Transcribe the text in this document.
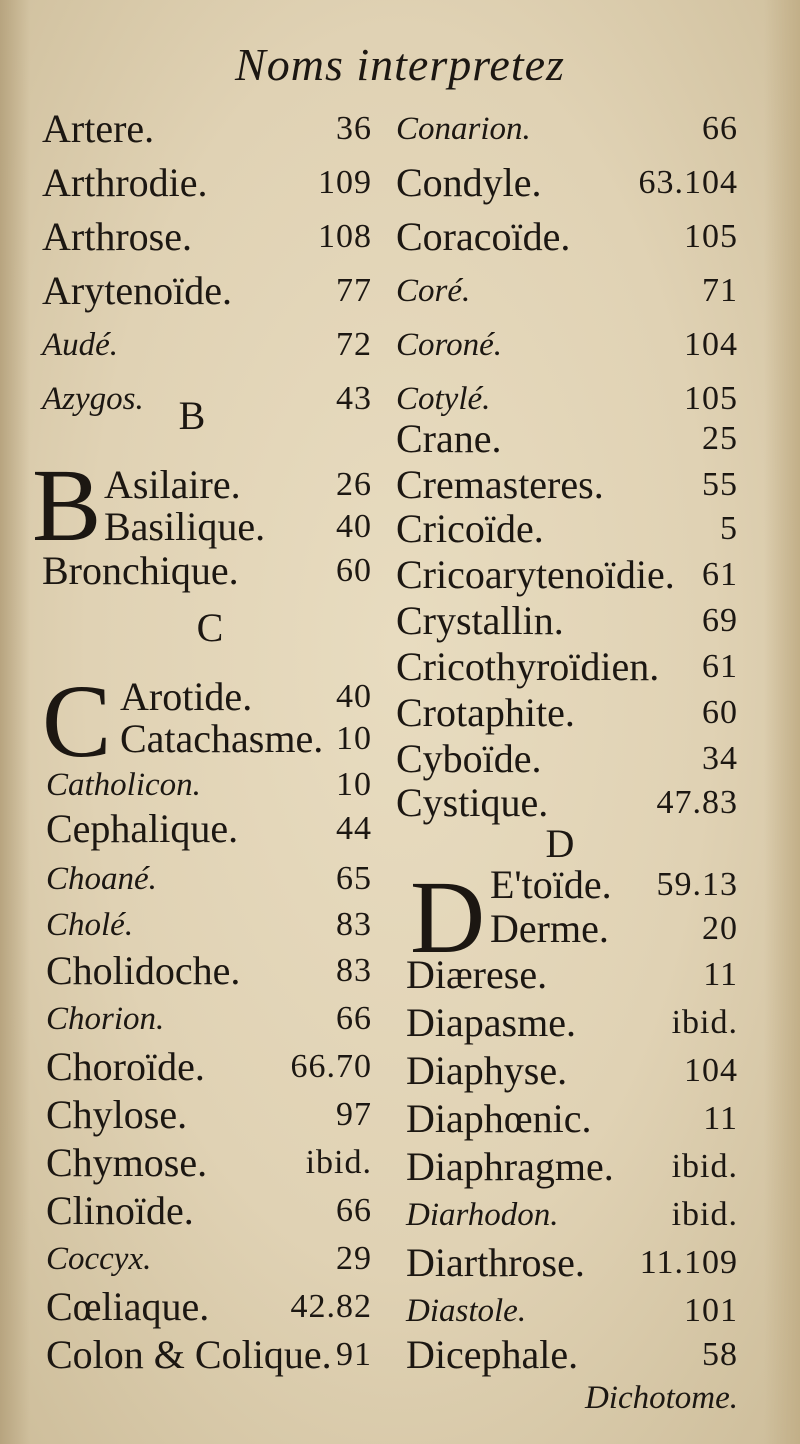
Noms interpretez
Artere.	36
Arthrodie.	109
Arthrose.	108
Arytenoïde.	77
Audé.	72
Azygos.	43
B
B Asilaire.	26
Basilique. 40
Bronchique.	60
C
C Arotide. 40
Catachasme. 10
Catholicon.	10
Cephalique.	44
Choané.	65
Cholé.	83
Cholidoche.	83
Chorion.	66
Choroïde.	66.70
Chylose.	97
Chymose.	ibid.
Clinoïde.	66
Coccyx.	29
Cœliaque. 42.82
Colon & Colique. 91
Conarion.	66
Condyle.	63.104
Coracoïde.	105
Coré.	71
Coroné.	104
Cotylé.	105
Crane.	25
Cremasteres.	55
Cricoïde.	5
Cricoarytenoïdie. 61
Crystallin.	69
Cricothyroïdien. 61
Crotaphite.	60
Cyboïde.	34
Cystique.	47.83
D
D E'toïde. 59.13
Derme.	20
Diærese.	11
Diapasme.	ibid.
Diaphyse.	104
Diaphœnic.	11
Diaphragme. ibid.
Diarhodon.	ibid.
Diarthrose. 11.109
Diastole.	101
Dicephale.	58
Dichotome.
